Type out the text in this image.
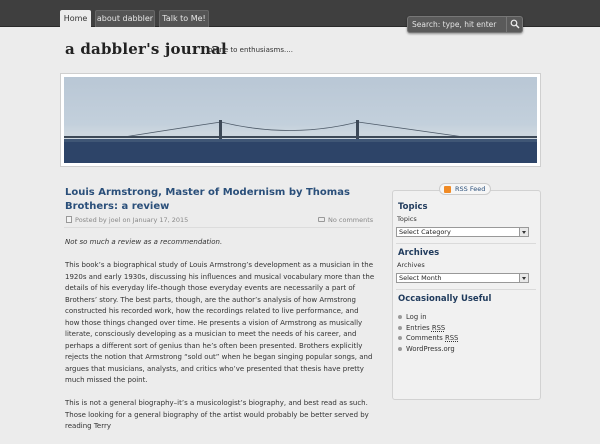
Home	about dabbler	Talk to Me!
Search: type, hit enter
a dabbler's journal
prone to enthusiasms....
Louis Armstrong, Master of Modernism by Thomas Brothers: a review
Posted by joel on January 17, 2015	No comments

Not so much a review as a recommendation.

This book’s a biographical study of Louis Armstrong’s development as a musician in the 1920s and early 1930s, discussing his influences and musical vocabulary more than the details of his everyday life–though those everyday events are necessarily a part of Brothers’ story. The best parts, though, are the author’s analysis of how Armstrong constructed his recorded work, how the recordings related to live performance, and how those things changed over time. He presents a vision of Armstrong as musically literate, consciously developing as a musician to meet the needs of his career, and perhaps a different sort of genius than he’s often been presented. Brothers explicitly rejects the notion that Armstrong “sold out” when he began singing popular songs, and argues that musicians, analysts, and critics who’ve presented that thesis have pretty much missed the point.

This is not a general biography–it’s a musicologist’s biography, and best read as such. Those looking for a general biography of the artist would probably be better served by reading Terry

RSS Feed
Topics
Topics
Select Category
Archives
Archives
Select Month
Occasionally Useful
Log in
Entries RSS
Comments RSS
WordPress.org
